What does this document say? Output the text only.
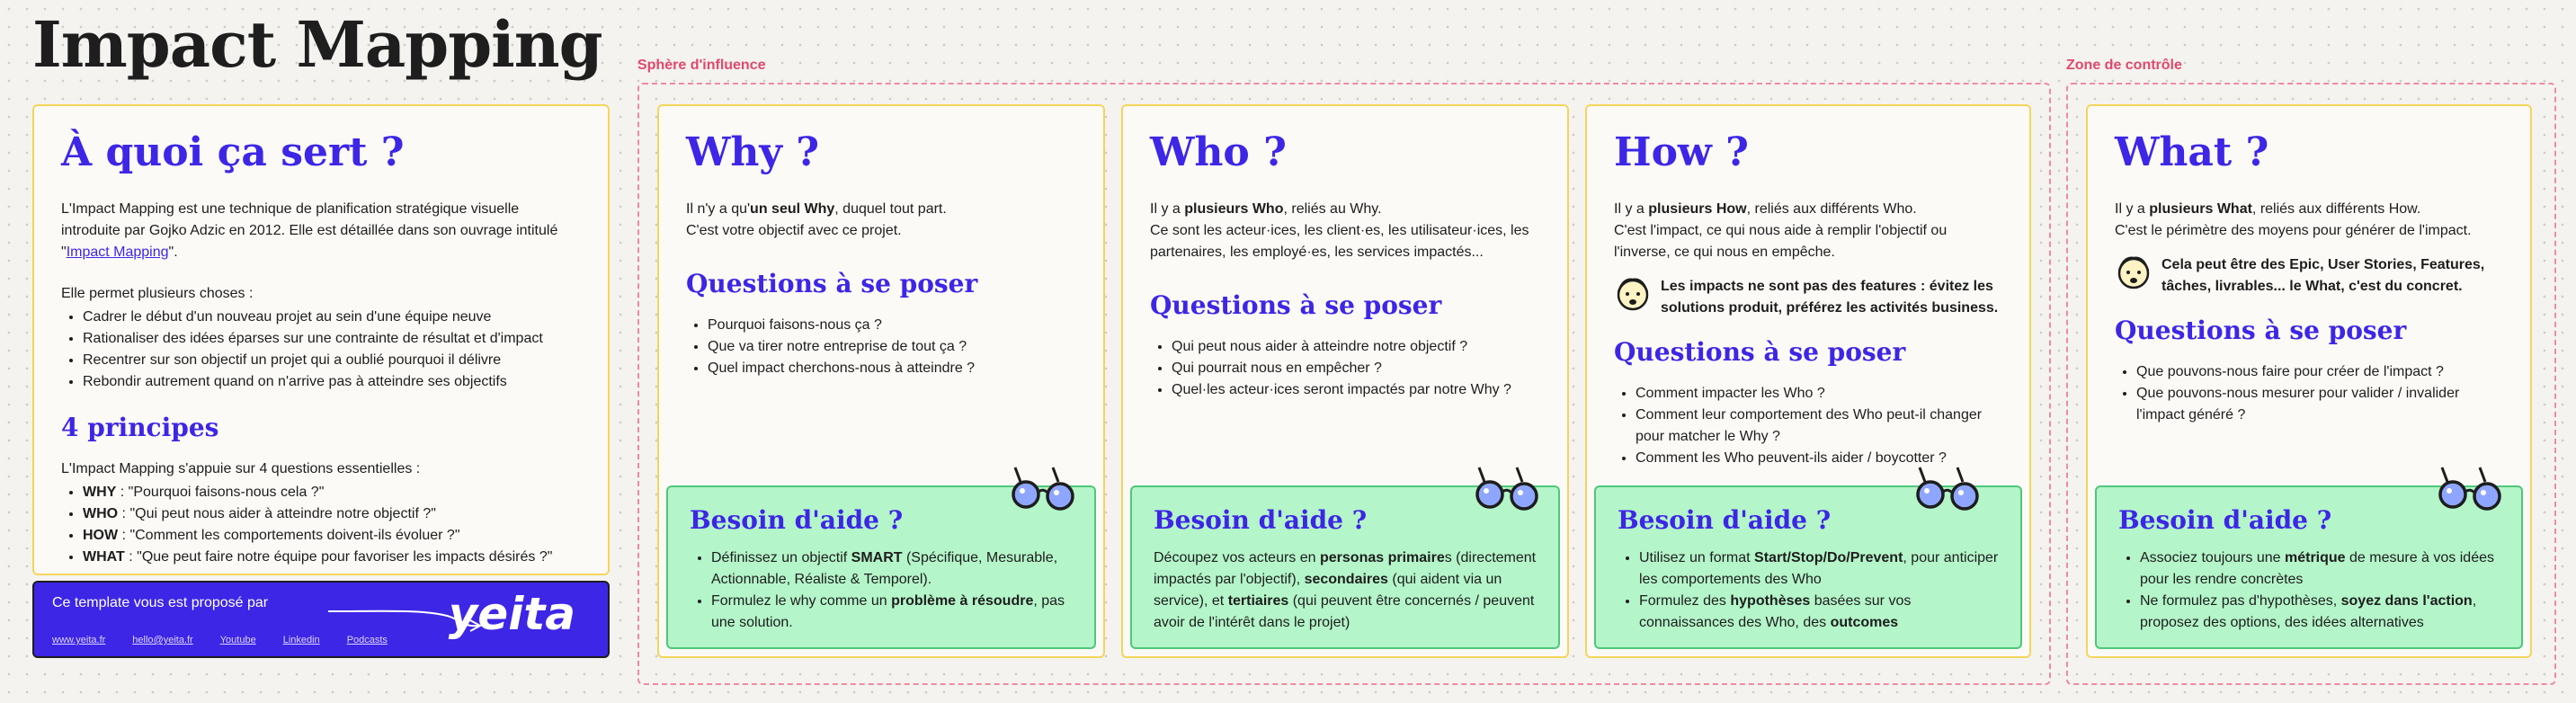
Impact Mapping Sphère d'influence	Zone de contrôle
À quoi ça sert ?

L'Impact Mapping est une technique de planification stratégique visuelle introduite par Gojko Adzic en 2012. Elle est détaillée dans son ouvrage intitulé "Impact Mapping".

Elle permet plusieurs choses :

• Cadrer le début d'un nouveau projet au sein d'une équipe neuve
• Rationaliser des idées éparses sur une contrainte de résultat et d'impact
• Recentrer sur son objectif un projet qui a oublié pourquoi il délivre
• Rebondir autrement quand on n'arrive pas à atteindre ses objectifs
4 principes

L'Impact Mapping s'appuie sur 4 questions essentielles :

• WHY : "Pourquoi faisons-nous cela ?"
• WHO : "Qui peut nous aider à atteindre notre objectif ?"
• HOW : "Comment les comportements doivent-ils évoluer ?"
• WHAT : "Que peut faire notre équipe pour favoriser les impacts désirés ?"
Ce template vous est proposé par	yeita
www.yeita.fr	hello@yeita.fr	Youtube	Linkedin	Podcasts
Why ?

Il n'y a qu'un seul Why, duquel tout part.

C'est votre objectif avec ce projet.

Questions à se poser
• Pourquoi faisons-nous ça ?
• Que va tirer notre entreprise de tout ça ?
• Quel impact cherchons-nous à atteindre ?
Besoin d'aide ?
• Définissez un objectif SMART (Spécifique, Mesurable, Actionnable, Réaliste & Temporel).
• Formulez le why comme un problème à résoudre, pas une solution.
Who ?

Il y a plusieurs Who, reliés au Why.

Ce sont les acteur·ices, les client·es, les utilisateur·ices, les partenaires, les employé·es, les services impactés...

Questions à se poser
• Qui peut nous aider à atteindre notre objectif ?
• Qui pourrait nous en empêcher ?
• Quel·les acteur·ices seront impactés par notre Why ?
Besoin d'aide ?

Découpez vos acteurs en personas primaires (directement impactés par l'objectif), secondaires (qui aident via un service), et tertiaires (qui peuvent être concernés / peuvent avoir de l'intérêt dans le projet)

How ?

Il y a plusieurs How, reliés aux différents Who.

C'est l'impact, ce qui nous aide à remplir l'objectif ou l'inverse, ce qui nous en empêche.

Les impacts ne sont pas des features : évitez les solutions produit, préférez les activités business.
Questions à se poser
• Comment impacter les Who ?
• Comment leur comportement des Who peut-il changer pour matcher le Why ?
• Comment les Who peuvent-ils aider / boycotter ?
Besoin d'aide ?
• Utilisez un format Start/Stop/Do/Prevent, pour anticiper les comportements des Who
• Formulez des hypothèses basées sur vos connaissances des Who, des outcomes
What ?

Il y a plusieurs What, reliés aux différents How.

C'est le périmètre des moyens pour générer de l'impact.

Cela peut être des Epic, User Stories, Features, tâches, livrables... le What, c'est du concret.
Questions à se poser
• Que pouvons-nous faire pour créer de l'impact ?
• Que pouvons-nous mesurer pour valider / invalider l'impact généré ?
Besoin d'aide ?
• Associez toujours une métrique de mesure à vos idées pour les rendre concrètes
• Ne formulez pas d'hypothèses, soyez dans l'action, proposez des options, des idées alternatives
